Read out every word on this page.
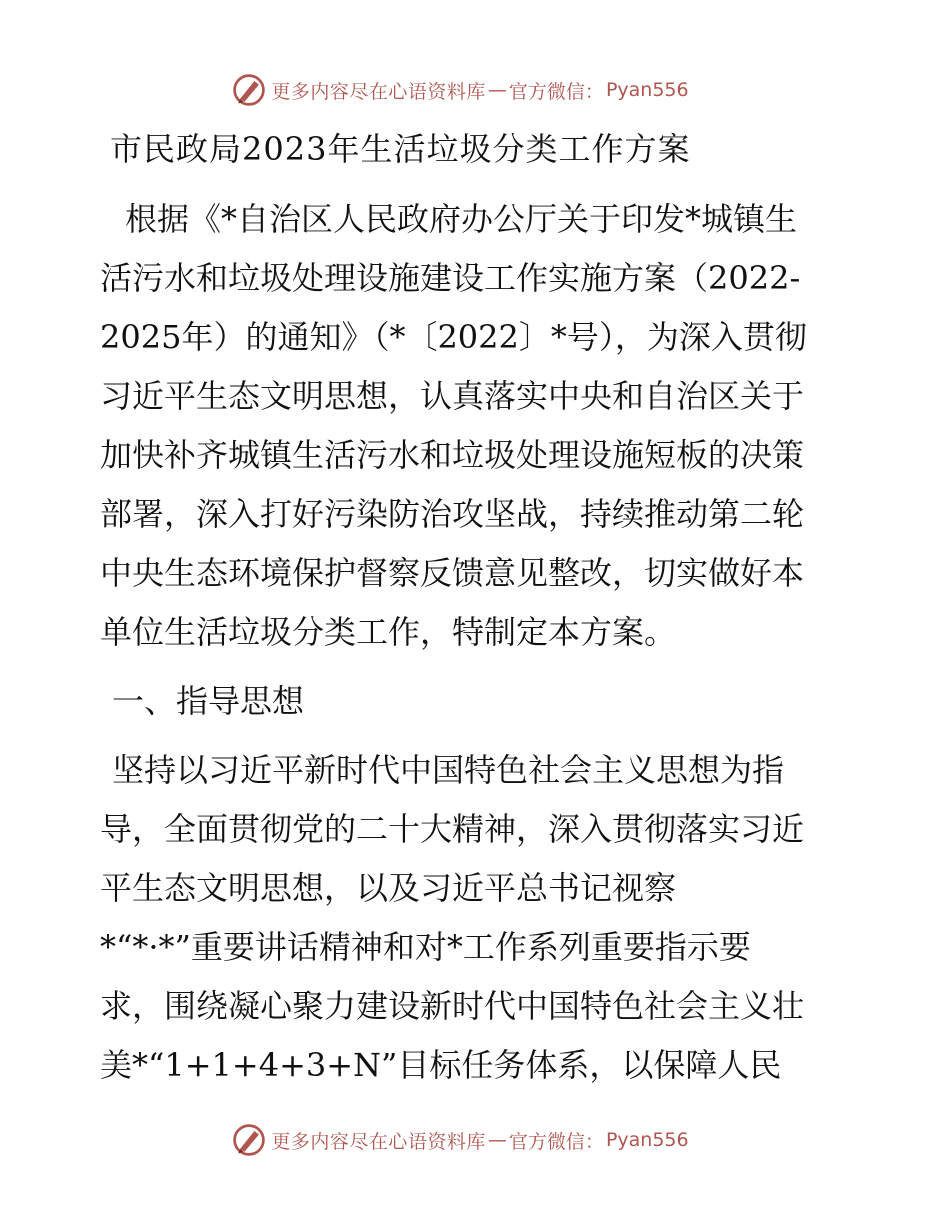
更多内容尽在心语资料库 — 官方微信： Pyan556
市民政局2023年生活垃圾分类工作方案
根据《*自治区人民政府办公厅关于印发*城镇生
活污水和垃圾处理设施建设工作实施方案（2022-
2025年）的通知》（*〔2022〕*号），为深入贯彻
习近平生态文明思想，认真落实中央和自治区关于
加快补齐城镇生活污水和垃圾处理设施短板的决策
部署，深入打好污染防治攻坚战，持续推动第二轮
中央生态环境保护督察反馈意见整改，切实做好本
单位生活垃圾分类工作，特制定本方案。
一、指导思想
坚持以习近平新时代中国特色社会主义思想为指
导，全面贯彻党的二十大精神，深入贯彻落实习近
平生态文明思想，以及习近平总书记视察
*“*·*”重要讲话精神和对*工作系列重要指示要
求，围绕凝心聚力建设新时代中国特色社会主义壮
美*“1+1+4+3+N”目标任务体系，以保障人民
更多内容尽在心语资料库 — 官方微信： Pyan556
